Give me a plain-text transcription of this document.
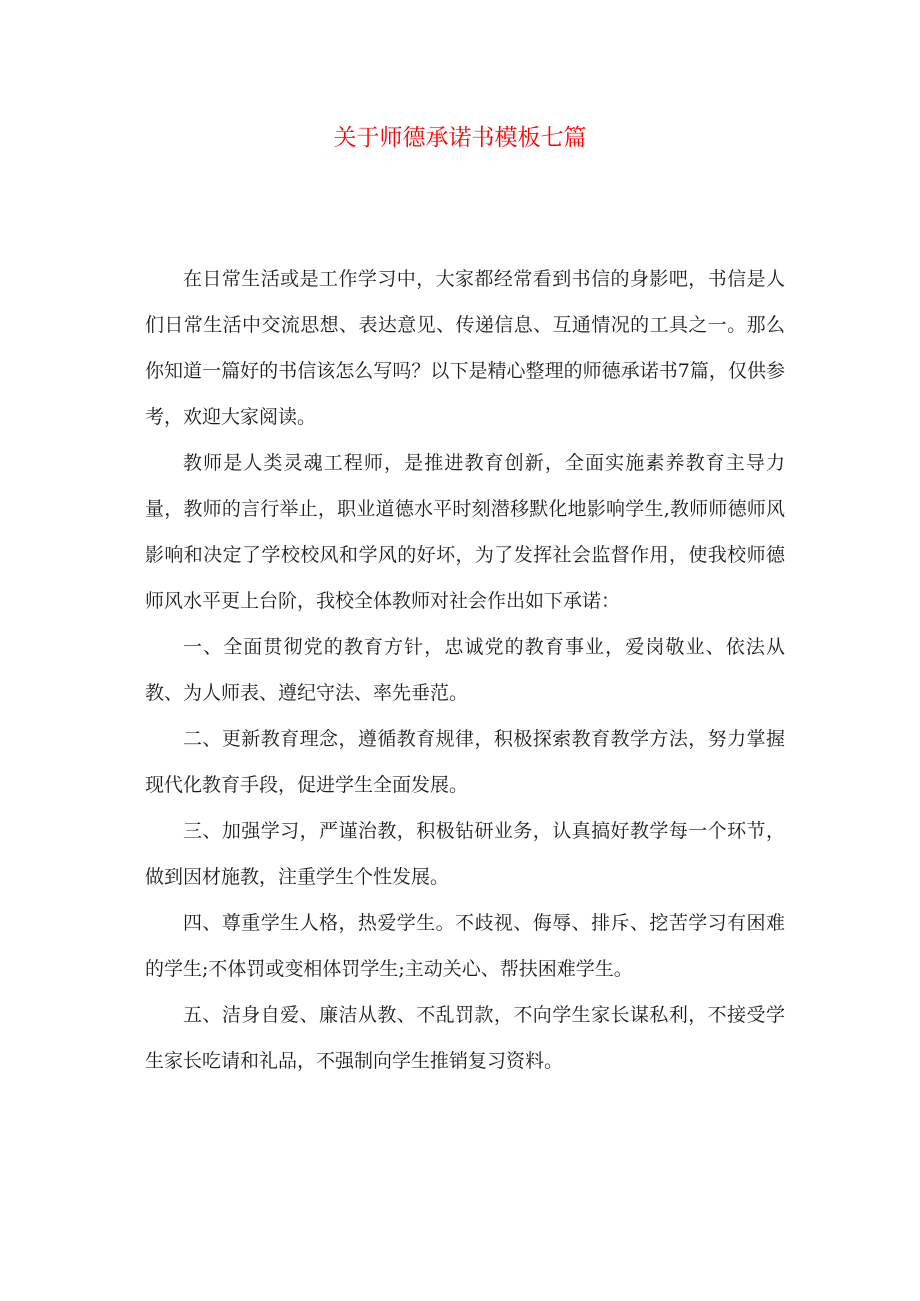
关于师德承诺书模板七篇

在日常生活或是工作学习中，大家都经常看到书信的身影吧，书信是人们日常生活中交流思想、表达意见、传递信息、互通情况的工具之一。那么你知道一篇好的书信该怎么写吗？以下是精心整理的师德承诺书7篇，仅供参考，欢迎大家阅读。

教师是人类灵魂工程师，是推进教育创新，全面实施素养教育主导力量，教师的言行举止，职业道德水平时刻潜移默化地影响学生,教师师德师风影响和决定了学校校风和学风的好坏，为了发挥社会监督作用，使我校师德师风水平更上台阶，我校全体教师对社会作出如下承诺：

一、全面贯彻党的教育方针，忠诚党的教育事业，爱岗敬业、依法从教、为人师表、遵纪守法、率先垂范。

二、更新教育理念，遵循教育规律，积极探索教育教学方法，努力掌握现代化教育手段，促进学生全面发展。

三、加强学习，严谨治教，积极钻研业务，认真搞好教学每一个环节，做到因材施教，注重学生个性发展。

四、尊重学生人格，热爱学生。不歧视、侮辱、排斥、挖苦学习有困难的学生;不体罚或变相体罚学生;主动关心、帮扶困难学生。

五、洁身自爱、廉洁从教、不乱罚款，不向学生家长谋私利，不接受学生家长吃请和礼品，不强制向学生推销复习资料。
